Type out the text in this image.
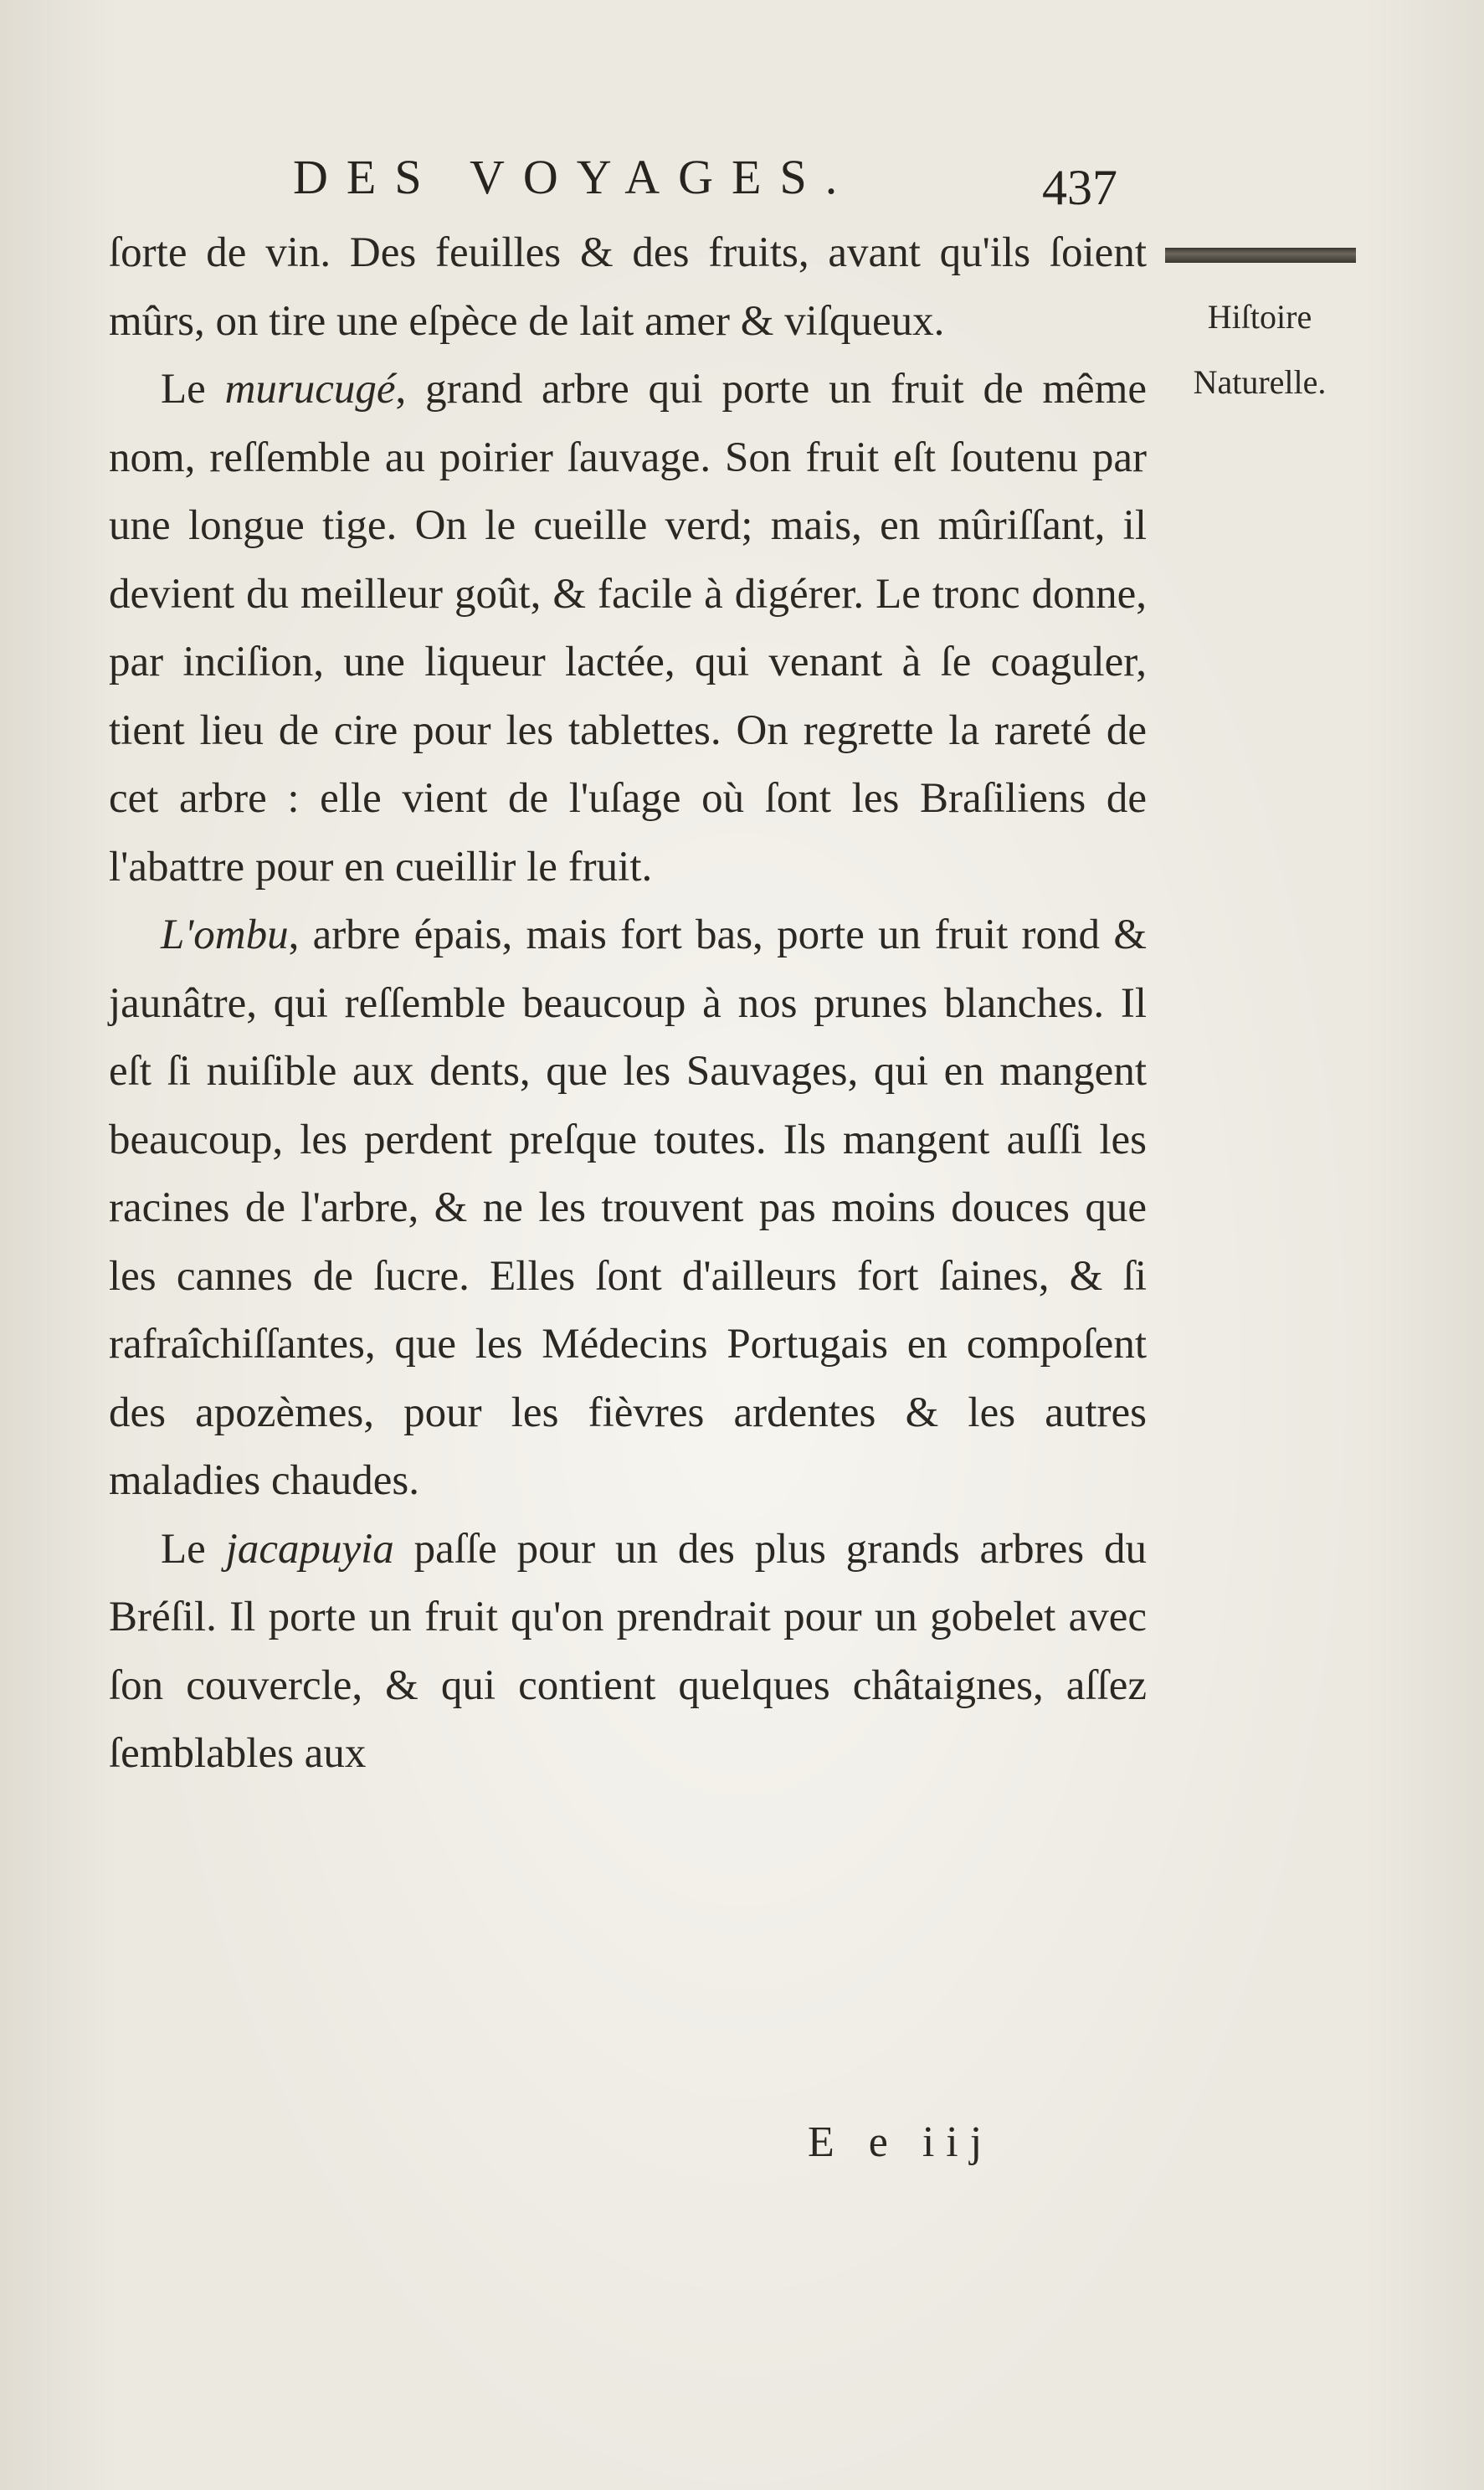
DES VOYAGES.	437
Hiſtoire
Naturelle.

ſorte de vin. Des feuilles & des fruits, avant qu'ils ſoient mûrs, on tire une eſpèce de lait amer & viſqueux.

Le murucugé, grand arbre qui porte un fruit de même nom, reſſemble au poirier ſauvage. Son fruit eſt ſoutenu par une longue tige. On le cueille verd; mais, en mûriſſant, il devient du meilleur goût, & facile à digérer. Le tronc donne, par inciſion, une liqueur lactée, qui venant à ſe coaguler, tient lieu de cire pour les tablettes. On regrette la rareté de cet arbre : elle vient de l'uſage où ſont les Braſiliens de l'abattre pour en cueillir le fruit.

L'ombu, arbre épais, mais fort bas, porte un fruit rond & jaunâtre, qui reſſemble beaucoup à nos prunes blanches. Il eſt ſi nuiſible aux dents, que les Sauvages, qui en mangent beaucoup, les perdent preſque toutes. Ils mangent auſſi les racines de l'arbre, & ne les trouvent pas moins douces que les cannes de ſucre. Elles ſont d'ailleurs fort ſaines, & ſi rafraîchiſſantes, que les Médecins Portugais en compoſent des apozèmes, pour les fièvres ardentes & les autres maladies chaudes.

Le jacapuyia paſſe pour un des plus grands arbres du Bréſil. Il porte un fruit qu'on prendrait pour un gobelet avec ſon couvercle, & qui contient quelques châtaignes, aſſez ſemblables aux

E e iij
